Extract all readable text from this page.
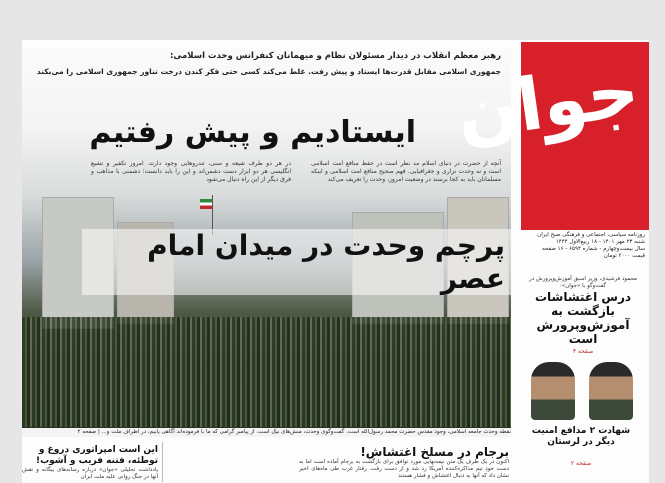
رهبر معظم انقلاب در دیدار مسئولان نظام و میهمانان کنفرانس وحدت اسلامی:
جمهوری اسلامی مقابل قدرت‌ها ایستاد و پیش رفت. غلط می‌کند کسی حتی فکر کندن درخت تناور جمهوری اسلامی را می‌بکند
ایستادیم و پیش رفتیم
آنچه از حضرت در دنیای اسلام مد نظر است در حفظ منافع امت اسلامی است و نه وحدت نزاری و جغرافیایی. فهم صحیح منافع امت اسلامی و اینکه مسلمانان باید به کجا برسند در وضعیت امروز، وحدت را تعریف می‌کند
در هر دو طرف شیعه و سنی، تندروهایی وجود دارند. امروز تکفیر و تشیع انگلیسی هر دو ابزار دست دشمن‌اند و این را باید دانست؛ دشمنی با مذاهب و فرق دیگر از این راه دنبال می‌شود
پرچم وحدت در میدان امام عصر
نقطه وحدت جامعه اسلامی، وجود مقدس حضرت محمد رسول‌الله است. گفت‌وگوی وحدت، منش‌های نیک است. از پیامبر گرامی که ما با فرموده‌اند آگاهی یابیم، در اطراف ملت و... | صفحه ۲
جوان
روزنامه سیاسی، اجتماعی و فرهنگی صبح ایران
شنبه ۲۳ مهر ۱۴۰۱ - ۱۸ ربیع‌الاول ۱۴۴۴
سال بیست‌وچهارم - شماره ۶۵۹۴ - ۱۶ صفحه
قیمت ۲۰۰۰ تومان
محمود فرشیدی، وزیر اسبق آموزش‌وپرورش در گفت‌وگو با «جوان»:
درس اغتشاشات بازگشت به آموزش‌وپرورش است
صفحه ۴
شهادت ۲ مدافع امنیت دیگر در لرستان
صفحه ۲
برجام در مسلخ اغتشاش!
اکنون در یک طرف یک متن نیمه‌نهایی مورد توافق برای بازگشت به برجام آماده است اما به دست خودِ تیم مذاکره‌کننده آمریکا رد شد و از دست رفت. رفتار غرب طی ماه‌های اخیر نشان داد که آنها به دنبال اغتشاش و فشار هستند
این است امپراتوری دروغ و توطئه، فتنه فریب و آشوب!
یادداشت تحلیلی «جوان» درباره رسانه‌های بیگانه و نقش آنها در جنگ روانی علیه ملت ایران
